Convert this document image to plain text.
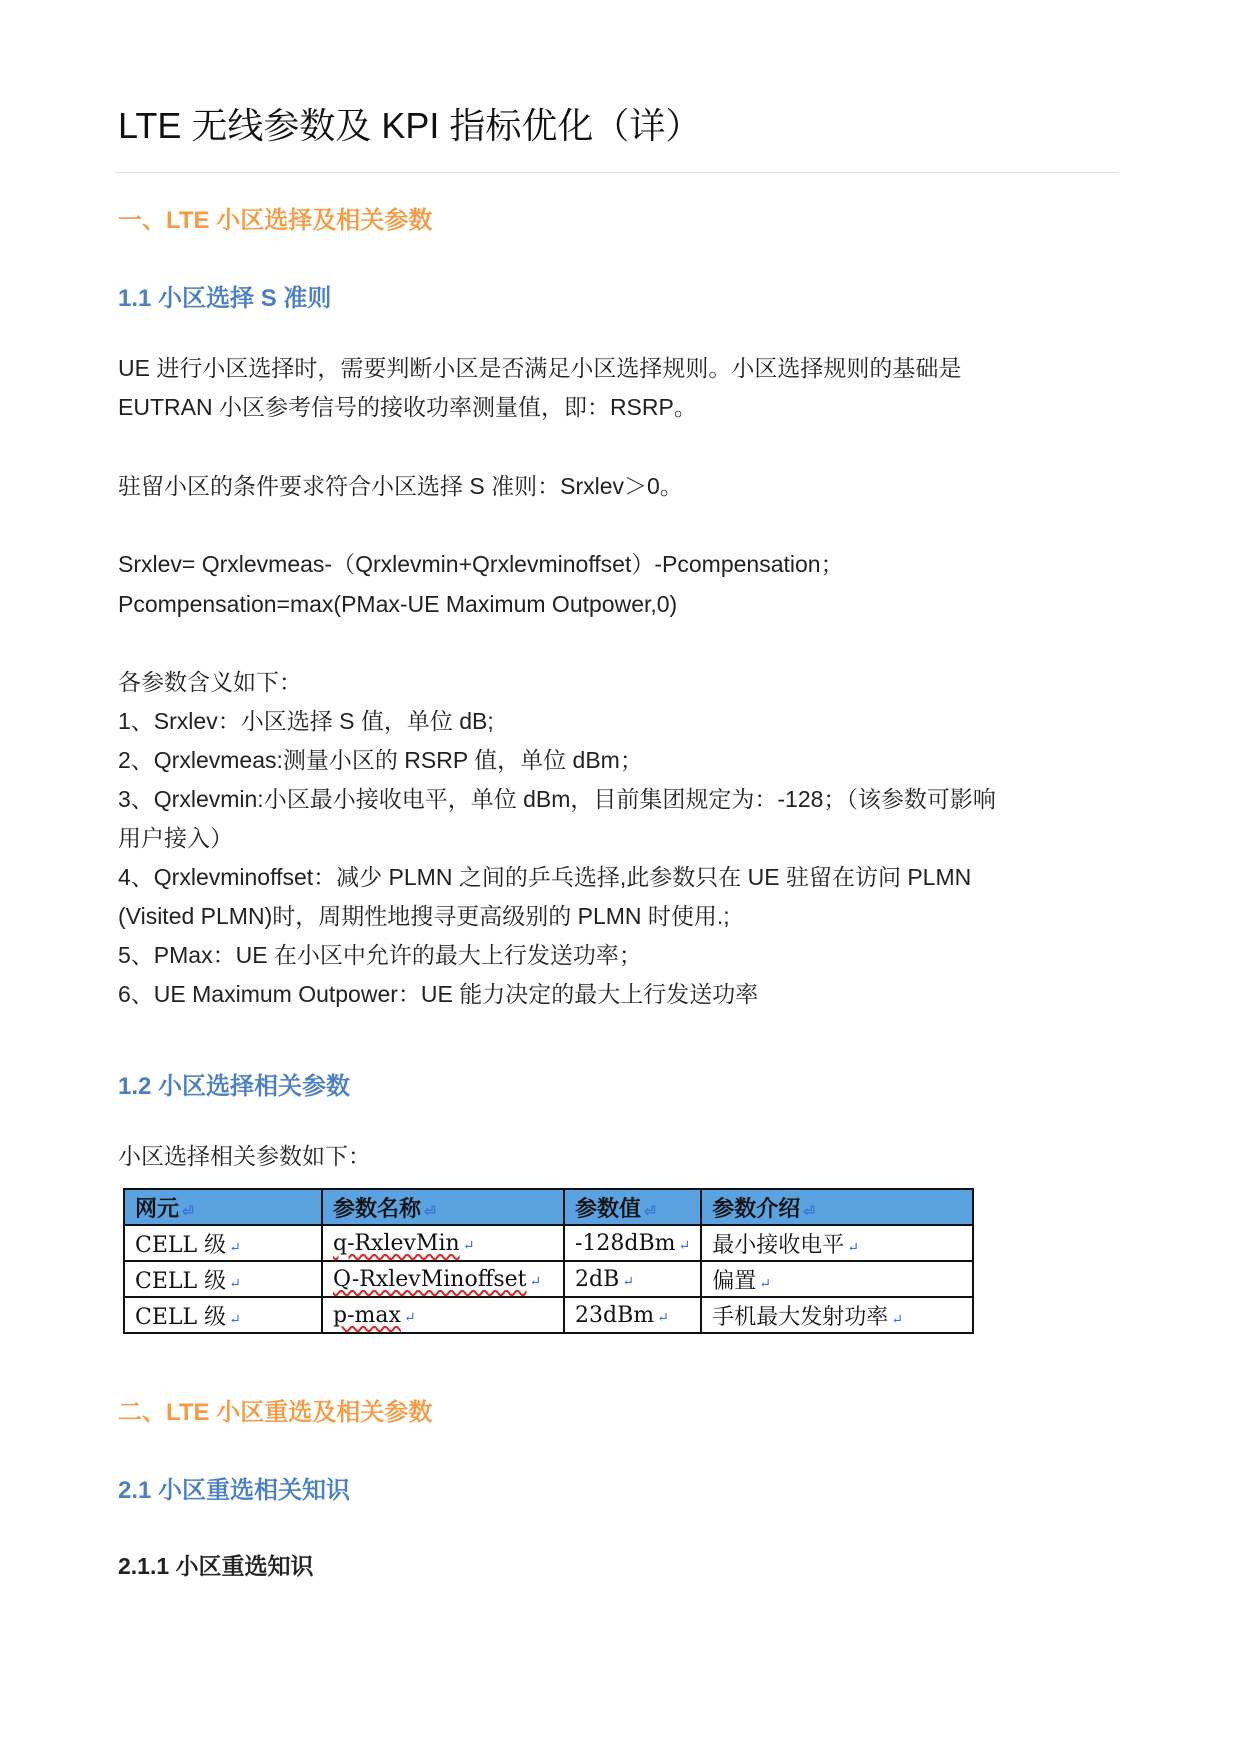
LTE 无线参数及 KPI 指标优化（详）
一、LTE 小区选择及相关参数
1.1 小区选择 S 准则
UE 进行小区选择时，需要判断小区是否满足小区选择规则。小区选择规则的基础是
EUTRAN 小区参考信号的接收功率测量值，即：RSRP。
驻留小区的条件要求符合小区选择 S 准则：Srxlev＞0。
Srxlev= Qrxlevmeas-（Qrxlevmin+Qrxlevminoffset）-Pcompensation；
Pcompensation=max(PMax-UE Maximum Outpower,0)
各参数含义如下：
1、Srxlev：小区选择 S 值，单位 dB;
2、Qrxlevmeas:测量小区的 RSRP 值，单位 dBm；
3、Qrxlevmin:小区最小接收电平，单位 dBm，目前集团规定为：-128；（该参数可影响
用户接入）
4、Qrxlevminoffset：减少 PLMN 之间的乒乓选择,此参数只在 UE 驻留在访问 PLMN
(Visited PLMN)时，周期性地搜寻更高级别的 PLMN 时使用.;
5、PMax：UE 在小区中允许的最大上行发送功率；
6、UE Maximum Outpower：UE 能力决定的最大上行发送功率
1.2 小区选择相关参数
小区选择相关参数如下：
网元 ⏎	参数名称 ⏎	参数值 ⏎	参数介绍 ⏎
CELL 级 ↵	q-RxlevMin ↵	-128dBm ↵	最小接收电平 ↵
CELL 级 ↵	Q-RxlevMinoffset ↵	2dB ↵	偏置 ↵
CELL 级 ↵	p-max ↵	23dBm ↵	手机最大发射功率 ↵
二、LTE 小区重选及相关参数
2.1 小区重选相关知识
2.1.1 小区重选知识
